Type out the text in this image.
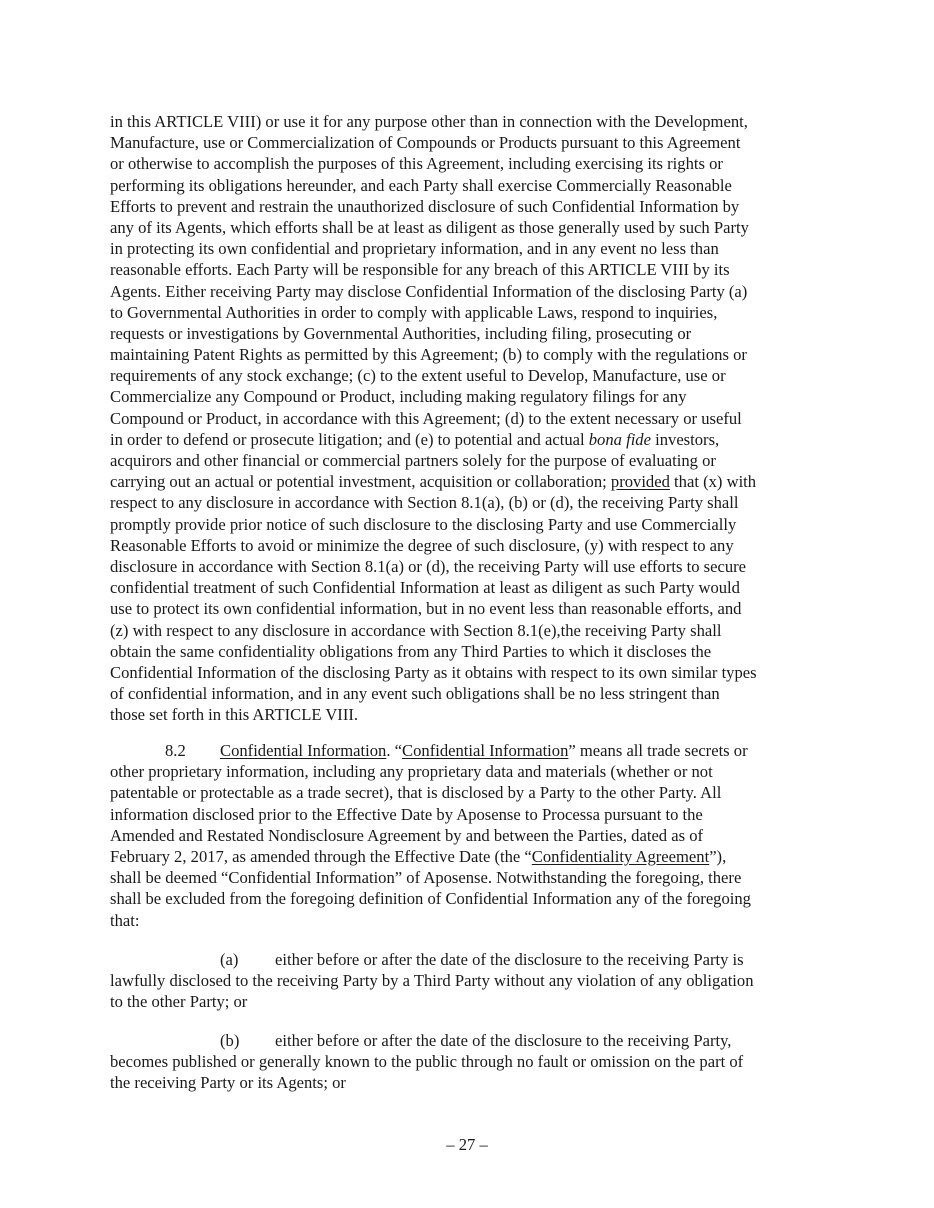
in this ARTICLE VIII) or use it for any purpose other than in connection with the Development,
Manufacture, use or Commercialization of Compounds or Products pursuant to this Agreement
or otherwise to accomplish the purposes of this Agreement, including exercising its rights or
performing its obligations hereunder, and each Party shall exercise Commercially Reasonable
Efforts to prevent and restrain the unauthorized disclosure of such Confidential Information by
any of its Agents, which efforts shall be at least as diligent as those generally used by such Party
in protecting its own confidential and proprietary information, and in any event no less than
reasonable efforts. Each Party will be responsible for any breach of this ARTICLE VIII by its
Agents. Either receiving Party may disclose Confidential Information of the disclosing Party (a)
to Governmental Authorities in order to comply with applicable Laws, respond to inquiries,
requests or investigations by Governmental Authorities, including filing, prosecuting or
maintaining Patent Rights as permitted by this Agreement; (b) to comply with the regulations or
requirements of any stock exchange; (c) to the extent useful to Develop, Manufacture, use or
Commercialize any Compound or Product, including making regulatory filings for any
Compound or Product, in accordance with this Agreement; (d) to the extent necessary or useful
in order to defend or prosecute litigation; and (e) to potential and actual bona fide investors,
acquirors and other financial or commercial partners solely for the purpose of evaluating or
carrying out an actual or potential investment, acquisition or collaboration; provided that (x) with
respect to any disclosure in accordance with Section 8.1(a), (b) or (d), the receiving Party shall
promptly provide prior notice of such disclosure to the disclosing Party and use Commercially
Reasonable Efforts to avoid or minimize the degree of such disclosure, (y) with respect to any
disclosure in accordance with Section 8.1(a) or (d), the receiving Party will use efforts to secure
confidential treatment of such Confidential Information at least as diligent as such Party would
use to protect its own confidential information, but in no event less than reasonable efforts, and
(z) with respect to any disclosure in accordance with Section 8.1(e),the receiving Party shall
obtain the same confidentiality obligations from any Third Parties to which it discloses the
Confidential Information of the disclosing Party as it obtains with respect to its own similar types
of confidential information, and in any event such obligations shall be no less stringent than
those set forth in this ARTICLE VIII.
8.2 Confidential Information. “Confidential Information” means all trade secrets or
other proprietary information, including any proprietary data and materials (whether or not
patentable or protectable as a trade secret), that is disclosed by a Party to the other Party. All
information disclosed prior to the Effective Date by Aposense to Processa pursuant to the
Amended and Restated Nondisclosure Agreement by and between the Parties, dated as of
February 2, 2017, as amended through the Effective Date (the “Confidentiality Agreement”),
shall be deemed “Confidential Information” of Aposense. Notwithstanding the foregoing, there
shall be excluded from the foregoing definition of Confidential Information any of the foregoing
that:
(a) either before or after the date of the disclosure to the receiving Party is
lawfully disclosed to the receiving Party by a Third Party without any violation of any obligation
to the other Party; or
(b) either before or after the date of the disclosure to the receiving Party,
becomes published or generally known to the public through no fault or omission on the part of
the receiving Party or its Agents; or
– 27 –
